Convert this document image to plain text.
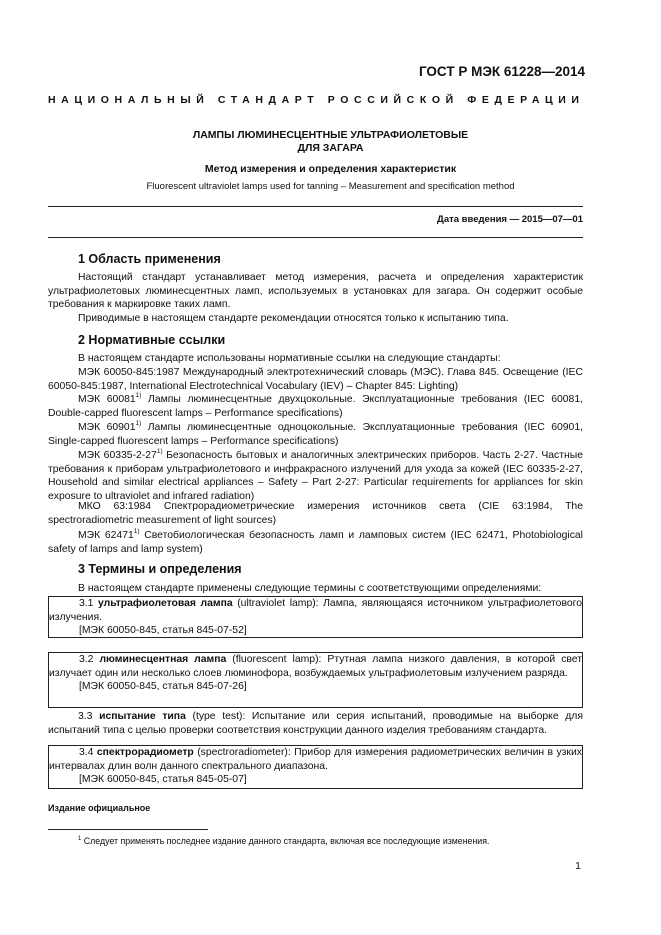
ГОСТ Р МЭК 61228—2014
НАЦИОНАЛЬНЫЙ СТАНДАРТ РОССИЙСКОЙ ФЕДЕРАЦИИ
ЛАМПЫ ЛЮМИНЕСЦЕНТНЫЕ УЛЬТРАФИОЛЕТОВЫЕ
ДЛЯ ЗАГАРА
Метод измерения и определения характеристик
Fluorescent ultraviolet lamps used for tanning – Measurement and specification method
Дата введения — 2015—07—01
1 Область применения

Настоящий стандарт устанавливает метод измерения, расчета и определения характеристик ультрафиолетовых люминесцентных ламп, используемых в установках для загара. Он содержит особые требования к маркировке таких ламп.

Приводимые в настоящем стандарте рекомендации относятся только к испытанию типа.

2 Нормативные ссылки

В настоящем стандарте использованы нормативные ссылки на следующие стандарты:

МЭК 60050-845:1987 Международный электротехнический словарь (МЭС). Глава 845. Освещение (IEC 60050-845:1987, International Electrotechnical Vocabulary (IEV) – Chapter 845: Lighting)

МЭК 60081$^{1)}$ Лампы люминесцентные двухцокольные. Эксплуатационные требования (IEC 60081, Double-capped fluorescent lamps – Performance specifications)

МЭК 60901$^{1)}$ Лампы люминесцентные одноцокольные. Эксплуатационные требования (IEC 60901, Single-capped fluorescent lamps – Performance specifications)

МЭК 60335-2-27$^{1)}$ Безопасность бытовых и аналогичных электрических приборов. Часть 2-27. Частные требования к приборам ультрафиолетового и инфракрасного излучений для ухода за кожей (IEC 60335-2-27, Household and similar electrical appliances – Safety – Part 2-27: Particular requirements for appliances for skin exposure to ultraviolet and infrared radiation)

МКО 63:1984 Спектрорадиометрические измерения источников света (CIE 63:1984, The spectroradiometric measurement of light sources)

МЭК 62471$^{1)}$ Светобиологическая безопасность ламп и ламповых систем (IEC 62471, Photobiological safety of lamps and lamp system)

3 Термины и определения

В настоящем стандарте применены следующие термины с соответствующими определениями:

3.1 ультрафиолетовая лампа (ultraviolet lamp): Лампа, являющаяся источником ультрафиолетового излучения.

[МЭК 60050-845, статья 845-07-52]

3.2 люминесцентная лампа (fluorescent lamp): Ртутная лампа низкого давления, в которой свет излучает один или несколько слоев люминофора, возбуждаемых ультрафиолетовым излучением разряда.

[МЭК 60050-845, статья 845-07-26]

3.3 испытание типа (type test): Испытание или серия испытаний, проводимые на выборке для испытаний типа с целью проверки соответствия конструкции данного изделия требованиям стандарта.

3.4 спектрорадиометр (spectroradiometer): Прибор для измерения радиометрических величин в узких интервалах длин волн данного спектрального диапазона.

[МЭК 60050-845, статья 845-05-07]
Издание официальное
$^1$ Следует применять последнее издание данного стандарта, включая все последующие изменения.
1
